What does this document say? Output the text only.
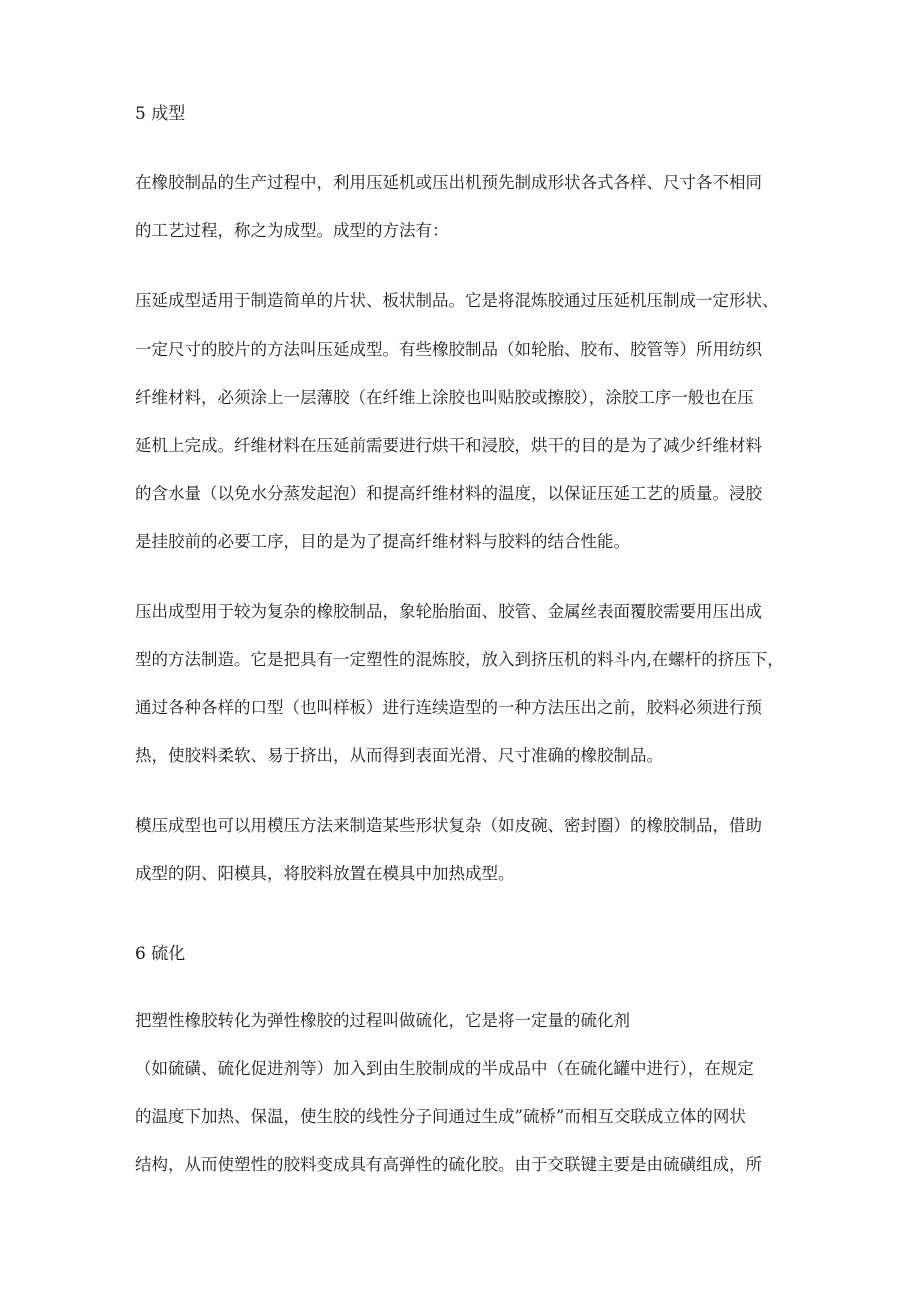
5 成型

在橡胶制品的生产过程中，利用压延机或压出机预先制成形状各式各样、尺寸各不相同

的工艺过程，称之为成型。成型的方法有：

压延成型适用于制造简单的片状、板状制品。它是将混炼胶通过压延机压制成一定形状、

一定尺寸的胶片的方法叫压延成型。有些橡胶制品（如轮胎、胶布、胶管等）所用纺织

纤维材料，必须涂上一层薄胶（在纤维上涂胶也叫贴胶或擦胶），涂胶工序一般也在压

延机上完成。纤维材料在压延前需要进行烘干和浸胶，烘干的目的是为了减少纤维材料

的含水量（以免水分蒸发起泡）和提高纤维材料的温度，以保证压延工艺的质量。浸胶

是挂胶前的必要工序，目的是为了提高纤维材料与胶料的结合性能。

压出成型用于较为复杂的橡胶制品，象轮胎胎面、胶管、金属丝表面覆胶需要用压出成

型的方法制造。它是把具有一定塑性的混炼胶，放入到挤压机的料斗内,在螺杆的挤压下，

通过各种各样的口型（也叫样板）进行连续造型的一种方法压出之前，胶料必须进行预

热，使胶料柔软、易于挤出，从而得到表面光滑、尺寸准确的橡胶制品。

模压成型也可以用模压方法来制造某些形状复杂（如皮碗、密封圈）的橡胶制品，借助

成型的阴、阳模具，将胶料放置在模具中加热成型。

6 硫化

把塑性橡胶转化为弹性橡胶的过程叫做硫化，它是将一定量的硫化剂

（如硫磺、硫化促进剂等）加入到由生胶制成的半成品中（在硫化罐中进行），在规定

的温度下加热、保温，使生胶的线性分子间通过生成”硫桥”而相互交联成立体的网状

结构，从而使塑性的胶料变成具有高弹性的硫化胶。由于交联键主要是由硫磺组成，所
